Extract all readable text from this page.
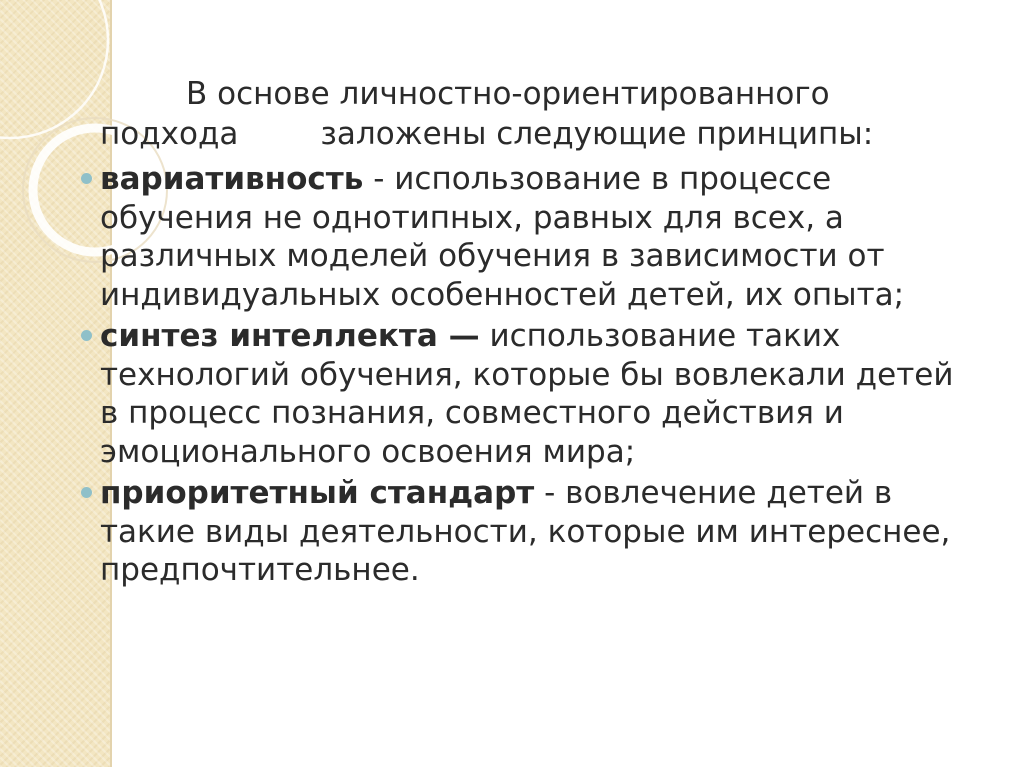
В основе личностно-ориентированного
подхода	заложены следующие принципы:

вариативность - использование в процессе обучения не однотипных, равных для всех, а различных моделей обучения в зависимости от индивидуальных особенностей детей, их опыта;
синтез интеллекта — использование таких технологий обучения, которые бы вовлекали детей в процесс познания, совместного действия и эмоционального освоения мира;
приоритетный стандарт - вовлечение детей в такие виды деятельности, которые им интереснее, предпочтительнее.
